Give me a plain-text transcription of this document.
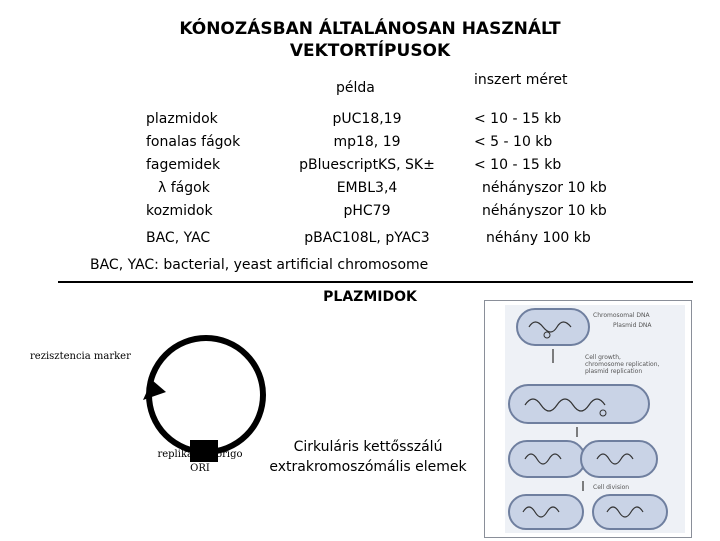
KÓNOZÁSBAN ÁLTALÁNOSAN HASZNÁLT
VEKTORTÍPUSOK
példa	inszert méret
plazmidok
fonalas fágok
fagemidek
λ fágok
kozmidok
BAC, YAC
pUC18,19
mp18, 19
pBluescriptKS, SK±
EMBL3,4
pHC79
pBAC108L, pYAC3
< 10 - 15 kb
< 5 - 10 kb
< 10 - 15 kb
néhányszor 10 kb
néhányszor 10 kb
néhány 100 kb
BAC, YAC: bacterial, yeast artificial chromosome
PLAZMIDOK
rezisztencia marker
replikációs origo
ORI
Cirkuláris kettősszálú
extrakromoszómális elemek
Chromosomal DNA
Plasmid DNA
Cell growth, chromosome replication, plasmid replication
Cell division
